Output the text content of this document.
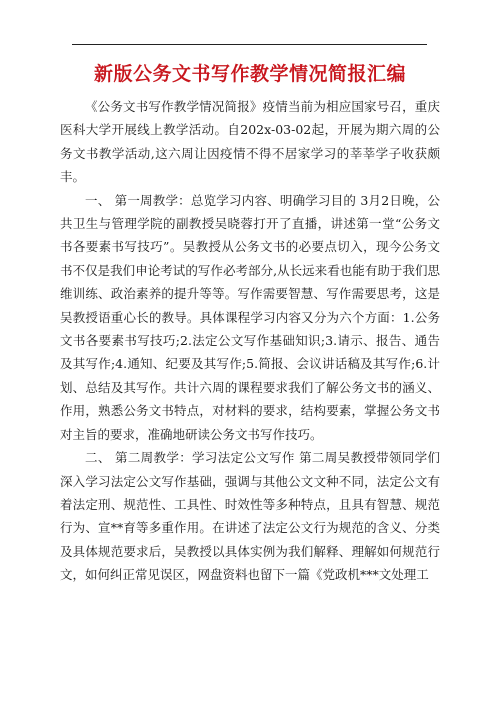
新版公务文书写作教学情况简报汇编

《公务文书写作教学情况简报》疫情当前为相应国家号召，重庆医科大学开展线上教学活动。自202x-03-02起，开展为期六周的公务文书教学活动,这六周让因疫情不得不居家学习的莘莘学子收获颇丰。

一、 第一周教学：总览学习内容、明确学习目的 3月2日晚，公共卫生与管理学院的副教授吴晓蓉打开了直播，讲述第一堂“公务文书各要素书写技巧”。吴教授从公务文书的必要点切入，现今公务文书不仅是我们申论考试的写作必考部分,从长远来看也能有助于我们思维训练、政治素养的提升等等。写作需要智慧、写作需要思考，这是吴教授语重心长的教导。具体课程学习内容又分为六个方面：1.公务文书各要素书写技巧;2.法定公文写作基础知识;3.请示、报告、通告及其写作;4.通知、纪要及其写作;5.简报、会议讲话稿及其写作;6.计划、总结及其写作。共计六周的课程要求我们了解公务文书的涵义、作用，熟悉公务文书特点，对材料的要求，结构要素，掌握公务文书对主旨的要求，准确地研读公务文书写作技巧。

二、 第二周教学：学习法定公文写作 第二周吴教授带领同学们深入学习法定公文写作基础，强调与其他公文文种不同，法定公文有着法定刑、规范性、工具性、时效性等多种特点，且具有智慧、规范行为、宣**育等多重作用。在讲述了法定公文行为规范的含义、分类及具体规范要求后，吴教授以具体实例为我们解释、理解如何规范行文，如何纠正常见误区，网盘资料也留下一篇《党政机***文处理工
